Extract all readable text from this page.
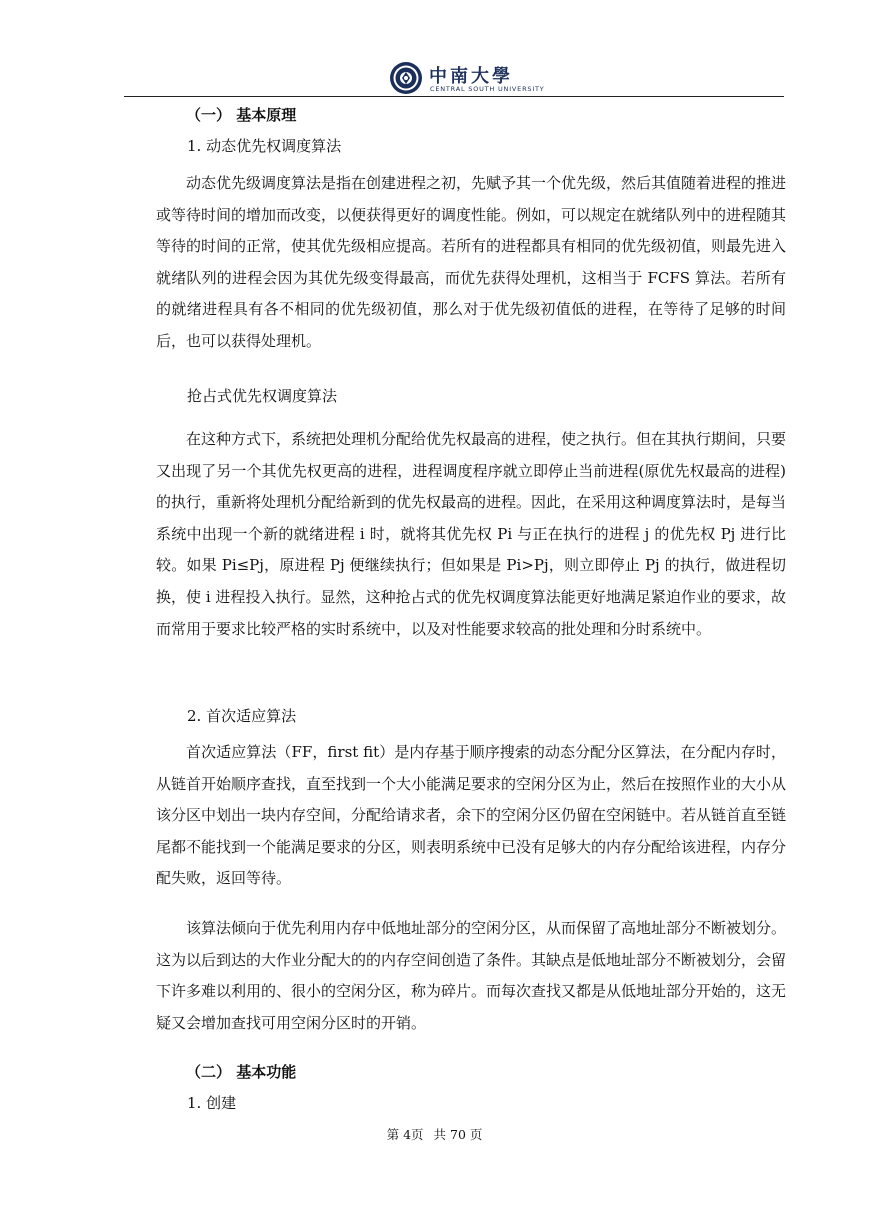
中南大學
CENTRAL SOUTH UNIVERSITY
（一） 基本原理
1. 动态优先权调度算法

动态优先级调度算法是指在创建进程之初，先赋予其一个优先级，然后其值随着进程的推进或等待时间的增加而改变，以便获得更好的调度性能。例如，可以规定在就绪队列中的进程随其等待的时间的正常，使其优先级相应提高。若所有的进程都具有相同的优先级初值，则最先进入就绪队列的进程会因为其优先级变得最高，而优先获得处理机，这相当于 FCFS 算法。若所有的就绪进程具有各不相同的优先级初值，那么对于优先级初值低的进程，在等待了足够的时间后，也可以获得处理机。

抢占式优先权调度算法

在这种方式下，系统把处理机分配给优先权最高的进程，使之执行。但在其执行期间，只要又出现了另一个其优先权更高的进程，进程调度程序就立即停止当前进程(原优先权最高的进程)的执行，重新将处理机分配给新到的优先权最高的进程。因此，在采用这种调度算法时，是每当系统中出现一个新的就绪进程 i 时，就将其优先权 Pi 与正在执行的进程 j 的优先权 Pj 进行比较。如果 Pi≤Pj，原进程 Pj 便继续执行；但如果是 Pi>Pj，则立即停止 Pj 的执行，做进程切换，使 i 进程投入执行。显然，这种抢占式的优先权调度算法能更好地满足紧迫作业的要求，故而常用于要求比较严格的实时系统中，以及对性能要求较高的批处理和分时系统中。

2. 首次适应算法

首次适应算法（FF，first fit）是内存基于顺序搜索的动态分配分区算法，在分配内存时，从链首开始顺序查找，直至找到一个大小能满足要求的空闲分区为止，然后在按照作业的大小从该分区中划出一块内存空间，分配给请求者，余下的空闲分区仍留在空闲链中。若从链首直至链尾都不能找到一个能满足要求的分区，则表明系统中已没有足够大的内存分配给该进程，内存分配失败，返回等待。

该算法倾向于优先利用内存中低地址部分的空闲分区，从而保留了高地址部分不断被划分。这为以后到达的大作业分配大的的内存空间创造了条件。其缺点是低地址部分不断被划分，会留下许多难以利用的、很小的空闲分区，称为碎片。而每次查找又都是从低地址部分开始的，这无疑又会增加查找可用空闲分区时的开销。

（二） 基本功能
1. 创建
第 4页 共 70 页
